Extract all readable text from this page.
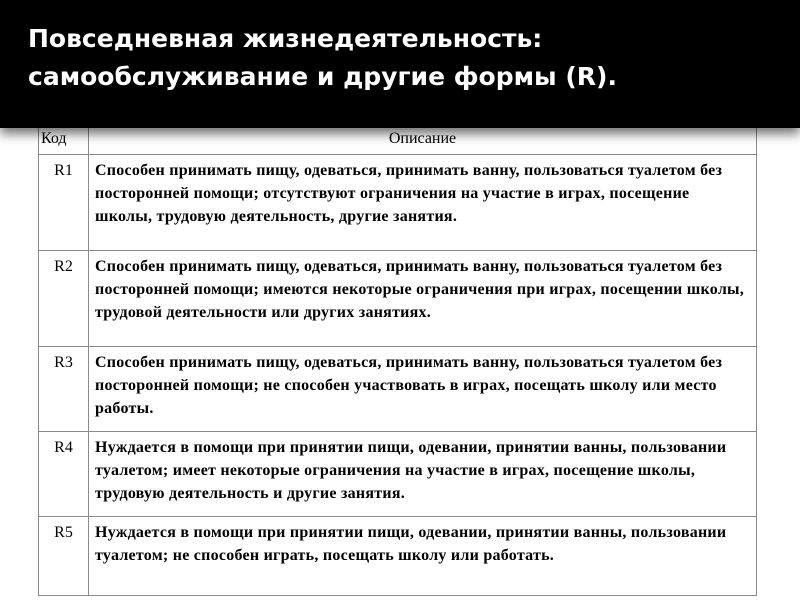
Повседневная жизнедеятельность:
самообслуживание и другие формы (R).
Код	Описание
R1	Способен принимать пищу, одеваться, принимать ванну, пользоваться туалетом без посторонней помощи; отсутствуют ограничения на участие в играх, посещение школы, трудовую деятельность, другие занятия.
R2	Способен принимать пищу, одеваться, принимать ванну, пользоваться туалетом без посторонней помощи; имеются некоторые ограничения при играх, посещении школы, трудовой деятельности или других занятиях.
R3	Способен принимать пищу, одеваться, принимать ванну, пользоваться туалетом без посторонней помощи; не способен участвовать в играх, посещать школу или место работы.
R4	Нуждается в помощи при принятии пищи, одевании, принятии ванны, пользовании туалетом; имеет некоторые ограничения на участие в играх, посещение школы, трудовую деятельность и другие занятия.
R5	Нуждается в помощи при принятии пищи, одевании, принятии ванны, пользовании туалетом; не способен играть, посещать школу или работать.
